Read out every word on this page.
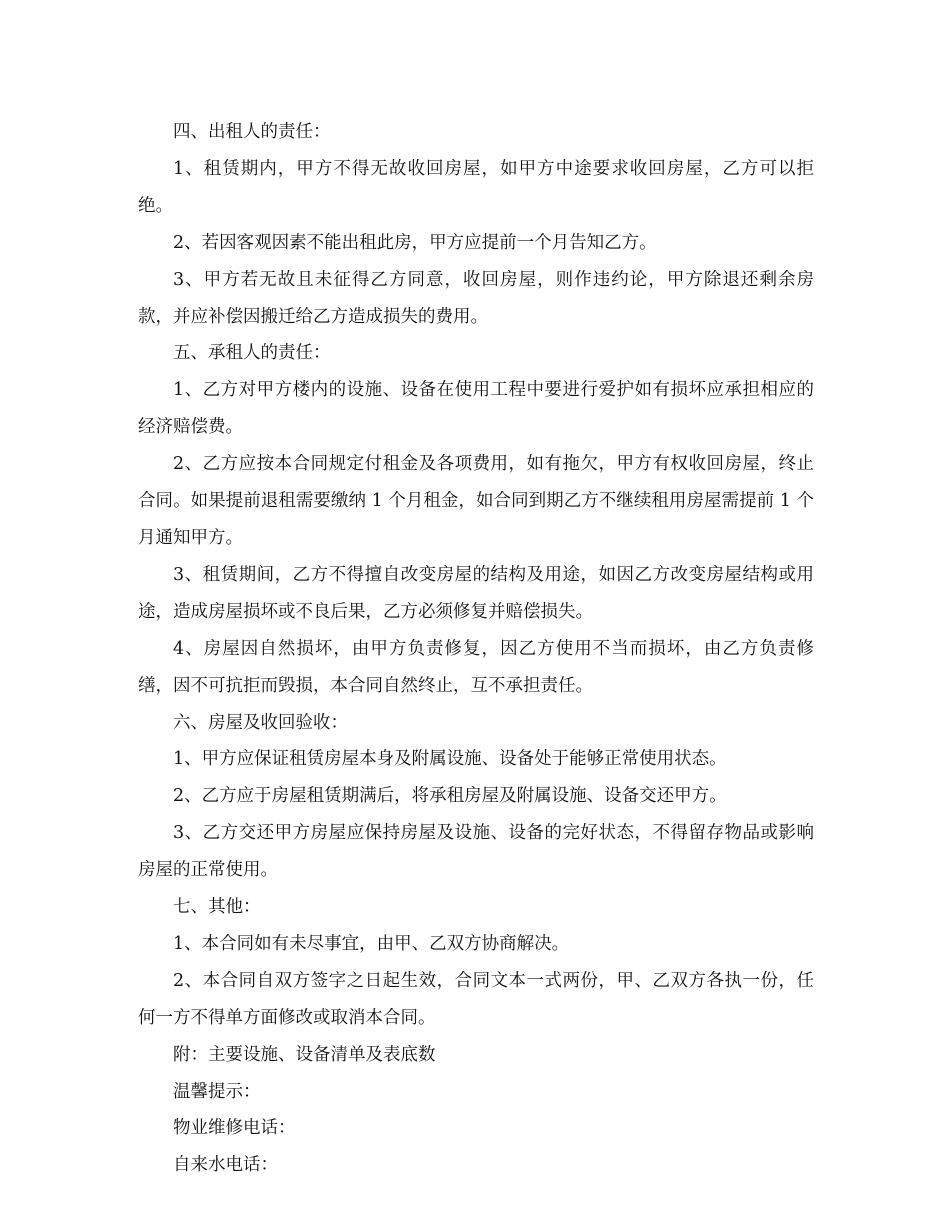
四、出租人的责任：

1、租赁期内，甲方不得无故收回房屋，如甲方中途要求收回房屋，乙方可以拒绝。

2、若因客观因素不能出租此房，甲方应提前一个月告知乙方。

3、甲方若无故且未征得乙方同意，收回房屋，则作违约论，甲方除退还剩余房款，并应补偿因搬迁给乙方造成损失的费用。

五、承租人的责任：

1、乙方对甲方楼内的设施、设备在使用工程中要进行爱护如有损坏应承担相应的经济赔偿费。

2、乙方应按本合同规定付租金及各项费用，如有拖欠，甲方有权收回房屋，终止合同。如果提前退租需要缴纳 1 个月租金，如合同到期乙方不继续租用房屋需提前 1 个月通知甲方。

3、租赁期间，乙方不得擅自改变房屋的结构及用途，如因乙方改变房屋结构或用途，造成房屋损坏或不良后果，乙方必须修复并赔偿损失。

4、房屋因自然损坏，由甲方负责修复，因乙方使用不当而损坏，由乙方负责修缮，因不可抗拒而毁损，本合同自然终止，互不承担责任。

六、房屋及收回验收：

1、甲方应保证租赁房屋本身及附属设施、设备处于能够正常使用状态。

2、乙方应于房屋租赁期满后，将承租房屋及附属设施、设备交还甲方。

3、乙方交还甲方房屋应保持房屋及设施、设备的完好状态，不得留存物品或影响房屋的正常使用。

七、其他：

1、本合同如有未尽事宜，由甲、乙双方协商解决。

2、本合同自双方签字之日起生效，合同文本一式两份，甲、乙双方各执一份，任何一方不得单方面修改或取消本合同。

附：主要设施、设备清单及表底数

温馨提示：

物业维修电话：

自来水电话：
